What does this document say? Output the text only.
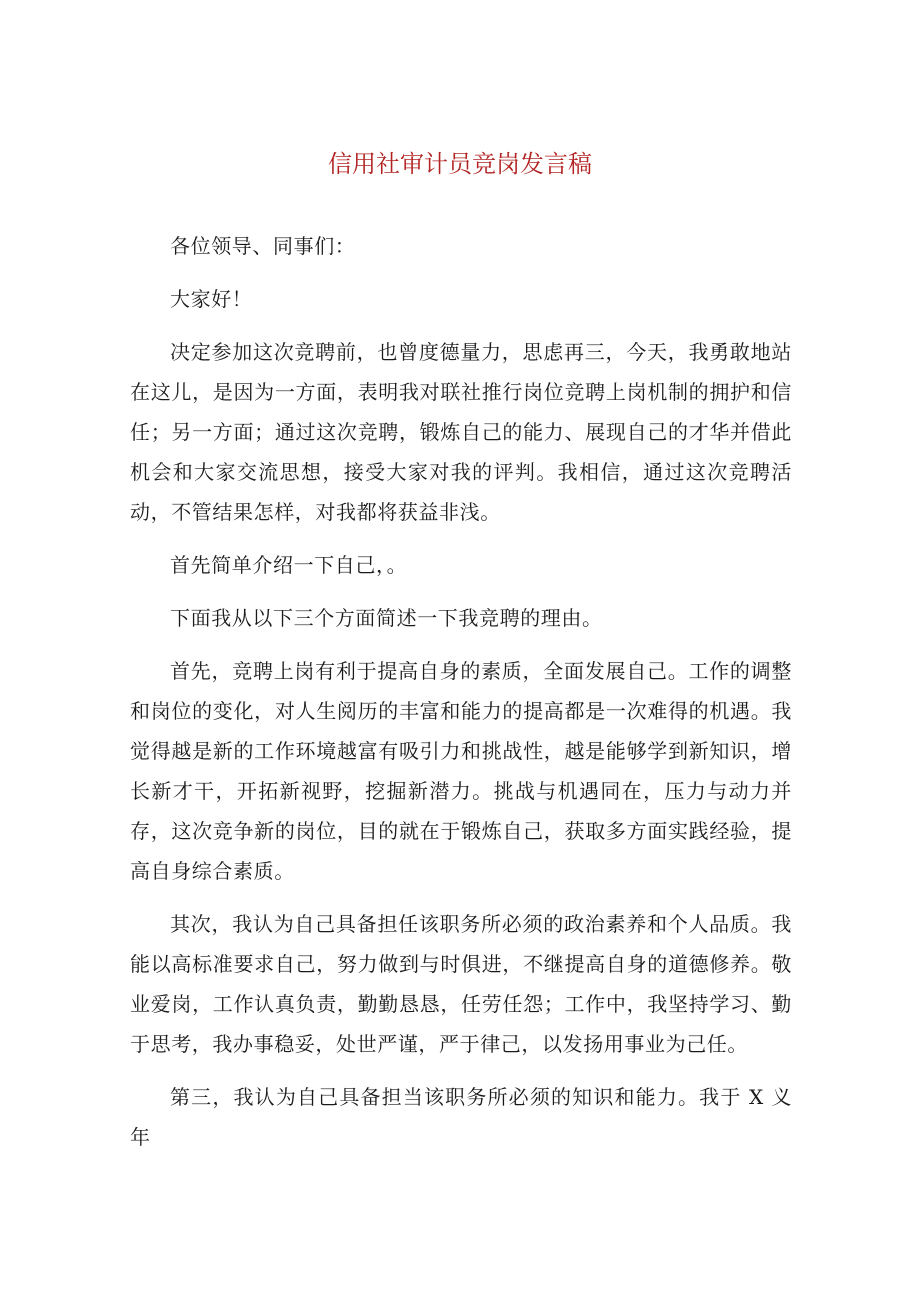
信用社审计员竞岗发言稿

各位领导、同事们：

大家好！

决定参加这次竞聘前，也曾度德量力，思虑再三，今天，我勇敢地站在这儿，是因为一方面，表明我对联社推行岗位竞聘上岗机制的拥护和信任；另一方面；通过这次竞聘，锻炼自己的能力、展现自己的才华并借此机会和大家交流思想，接受大家对我的评判。我相信，通过这次竞聘活动，不管结果怎样，对我都将获益非浅。

首先简单介绍一下自己，。

下面我从以下三个方面简述一下我竞聘的理由。

首先，竞聘上岗有利于提高自身的素质，全面发展自己。工作的调整和岗位的变化，对人生阅历的丰富和能力的提高都是一次难得的机遇。我觉得越是新的工作环境越富有吸引力和挑战性，越是能够学到新知识，增长新才干，开拓新视野，挖掘新潜力。挑战与机遇同在，压力与动力并存，这次竞争新的岗位，目的就在于锻炼自己，获取多方面实践经验，提高自身综合素质。

其次，我认为自己具备担任该职务所必须的政治素养和个人品质。我能以高标准要求自己，努力做到与时俱进，不继提高自身的道德修养。敬业爱岗，工作认真负责，勤勤恳恳，任劳任怨；工作中，我坚持学习、勤于思考，我办事稳妥，处世严谨，严于律己，以发扬用事业为己任。

第三，我认为自己具备担当该职务所必须的知识和能力。我于 X 义年
